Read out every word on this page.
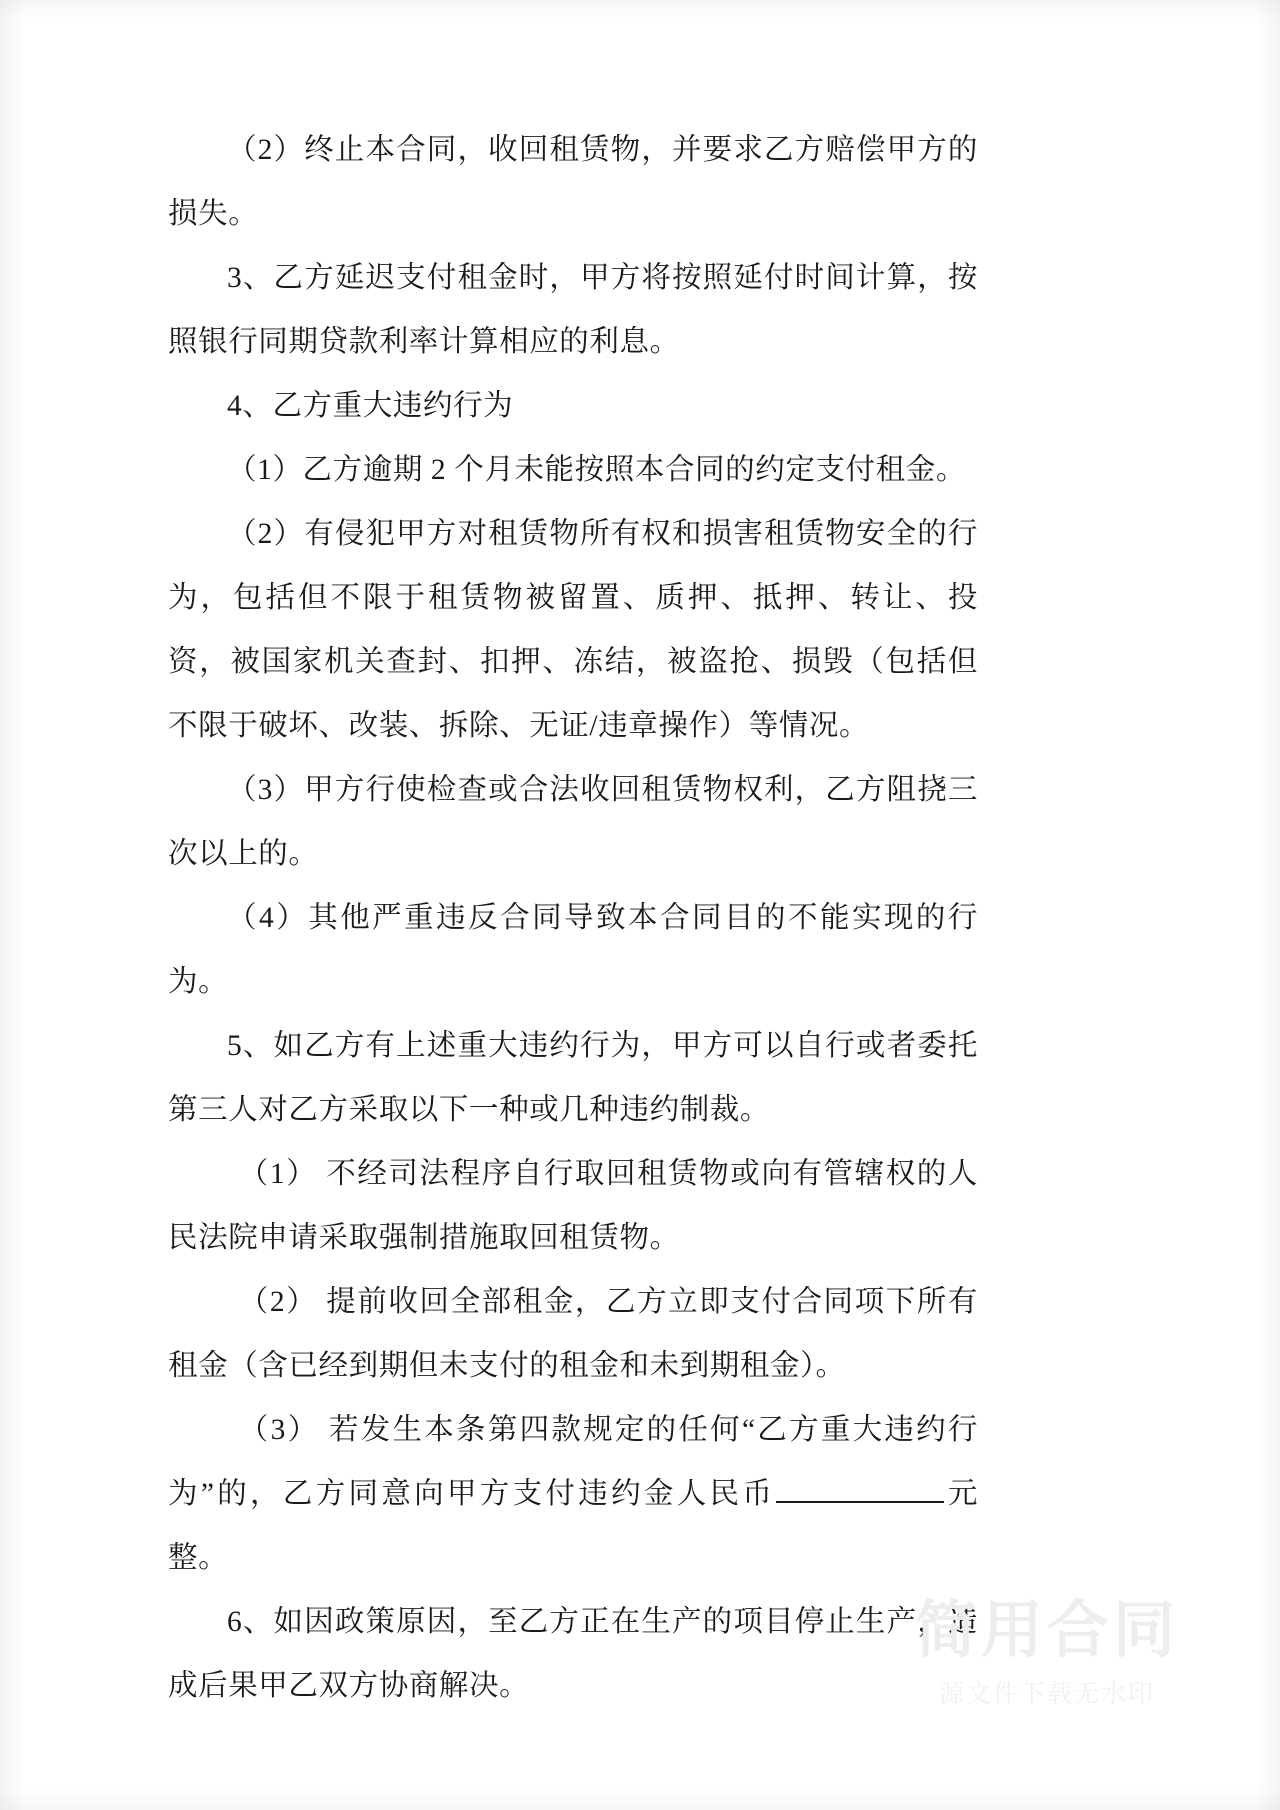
（2）终止本合同，收回租赁物，并要求乙方赔偿甲方的损失。

3、乙方延迟支付租金时，甲方将按照延付时间计算，按照银行同期贷款利率计算相应的利息。

4、乙方重大违约行为

（1）乙方逾期 2 个月未能按照本合同的约定支付租金。

（2）有侵犯甲方对租赁物所有权和损害租赁物安全的行为，包括但不限于租赁物被留置、质押、抵押、转让、投资，被国家机关查封、扣押、冻结，被盗抢、损毁（包括但不限于破坏、改装、拆除、无证/违章操作）等情况。

（3）甲方行使检查或合法收回租赁物权利，乙方阻挠三次以上的。

（4）其他严重违反合同导致本合同目的不能实现的行为。

5、如乙方有上述重大违约行为，甲方可以自行或者委托第三人对乙方采取以下一种或几种违约制裁。

（1） 不经司法程序自行取回租赁物或向有管辖权的人民法院申请采取强制措施取回租赁物。

（2） 提前收回全部租金，乙方立即支付合同项下所有租金（含已经到期但未支付的租金和未到期租金）。

（3） 若发生本条第四款规定的任何“乙方重大违约行为”的，乙方同意向甲方支付违约金人民币	元整。

6、如因政策原因，至乙方正在生产的项目停止生产，造成后果甲乙双方协商解决。

简用合同
源文件下载无水印
